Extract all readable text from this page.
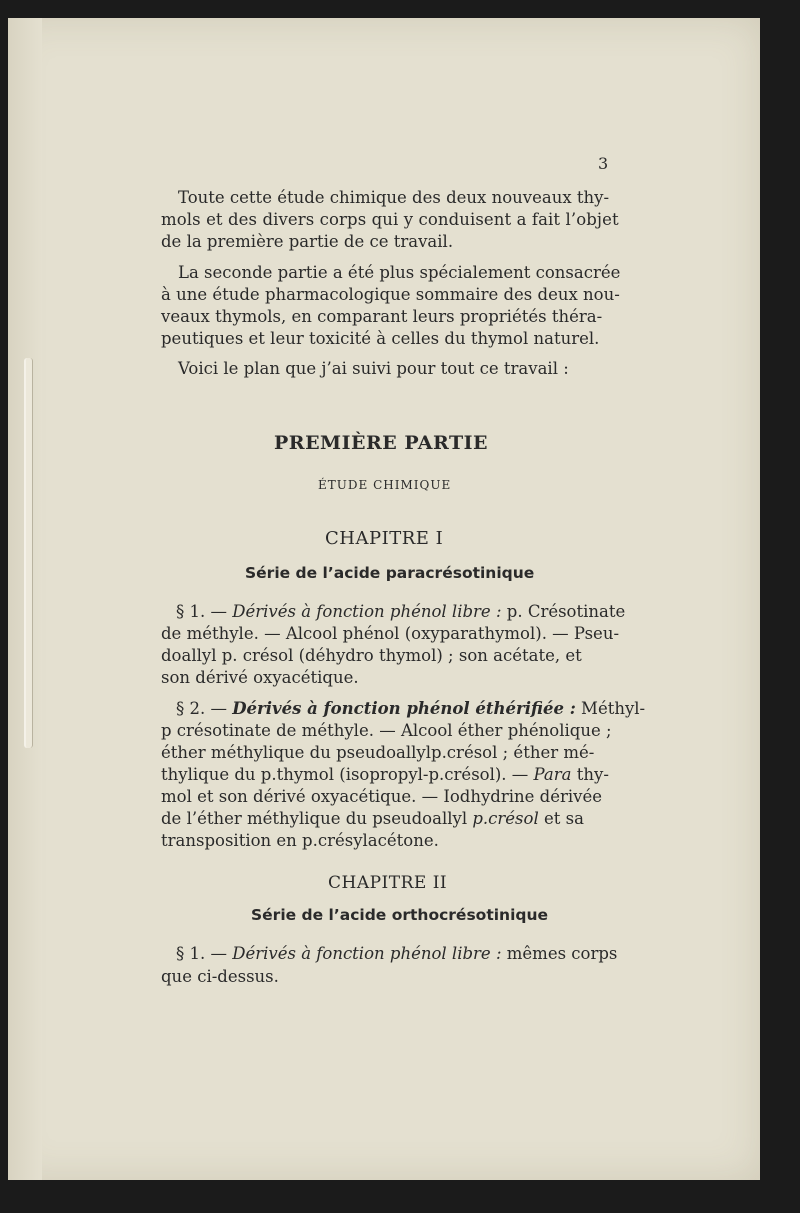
3
Toute cette étude chimique des deux nouveaux thy-
mols et des divers corps qui y conduisent a fait l’objet
de la première partie de ce travail.
La seconde partie a été plus spécialement consacrée
à une étude pharmacologique sommaire des deux nou-
veaux thymols, en comparant leurs propriétés théra-
peutiques et leur toxicité à celles du thymol naturel.
Voici le plan que j’ai suivi pour tout ce travail :
PREMIÈRE PARTIE
ÉTUDE CHIMIQUE
CHAPITRE I
Série de l’acide paracrésotinique
§ 1. — Dérivés à fonction phénol libre : p. Crésotinate
de méthyle. — Alcool phénol (oxyparathymol). — Pseu-
doallyl p. crésol (déhydro thymol) ; son acétate, et
son dérivé oxyacétique.
§ 2. — Dérivés à fonction phénol éthérifiée : Méthyl-
p crésotinate de méthyle. — Alcool éther phénolique ;
éther méthylique du pseudoallylp.crésol ; éther mé-
thylique du p.thymol (isopropyl-p.crésol). — Para thy-
mol et son dérivé oxyacétique. — Iodhydrine dérivée
de l’éther méthylique du pseudoallyl p.crésol et sa
transposition en p.crésylacétone.
CHAPITRE II
Série de l’acide orthocrésotinique
§ 1. — Dérivés à fonction phénol libre : mêmes corps
que ci-dessus.
